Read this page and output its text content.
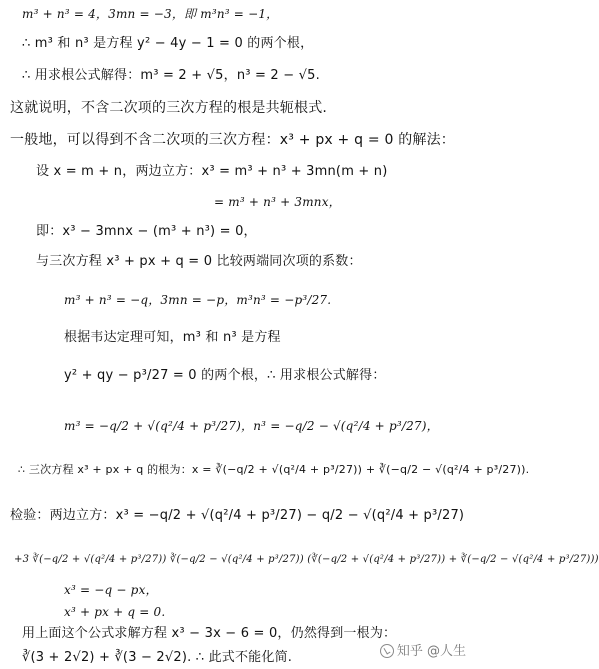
m³ + n³ = 4，3mn = −3，即 m³n³ = −1，
∴ m³ 和 n³ 是方程 y² − 4y − 1 = 0 的两个根，
∴ 用求根公式解得：m³ = 2 + √5，n³ = 2 − √5.
这就说明，不含二次项的三次方程的根是共轭根式.
一般地，可以得到不含二次项的三次方程：x³ + px + q = 0 的解法：
设 x = m + n，两边立方：x³ = m³ + n³ + 3mn(m + n)
= m³ + n³ + 3mnx，
即：x³ − 3mnx − (m³ + n³) = 0，
与三次方程 x³ + px + q = 0 比较两端同次项的系数：
m³ + n³ = −q，3mn = −p，m³n³ = −p³/27.
根据韦达定理可知，m³ 和 n³ 是方程
y² + qy − p³/27 = 0 的两个根，∴ 用求根公式解得：
m³ = −q/2 + √(q²/4 + p³/27)，n³ = −q/2 − √(q²/4 + p³/27)，
∴ 三次方程 x³ + px + q 的根为：x = ∛(−q/2 + √(q²/4 + p³/27)) + ∛(−q/2 − √(q²/4 + p³/27)).
检验：两边立方：x³ = −q/2 + √(q²/4 + p³/27) − q/2 − √(q²/4 + p³/27)
+3 ∛(−q/2 + √(q²/4 + p³/27)) ∛(−q/2 − √(q²/4 + p³/27)) (∛(−q/2 + √(q²/4 + p³/27)) + ∛(−q/2 − √(q²/4 + p³/27)))
x³ = −q − px，
x³ + px + q = 0.
用上面这个公式求解方程 x³ − 3x − 6 = 0，仍然得到一根为：
∛(3 + 2√2) + ∛(3 − 2√2). ∴ 此式不能化简.	知乎 @人生
